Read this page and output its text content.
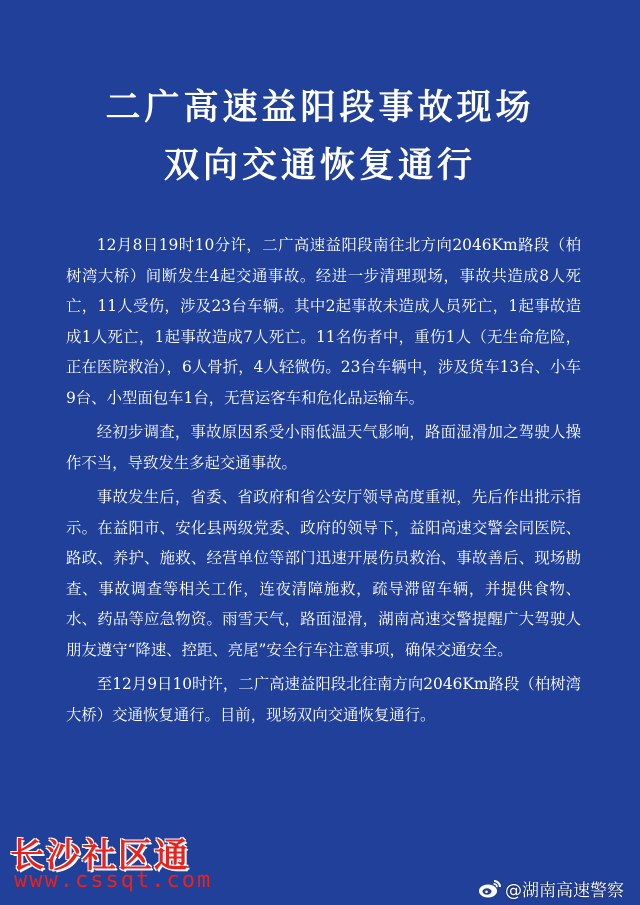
二广高速益阳段事故现场
双向交通恢复通行

12月8日19时10分许，二广高速益阳段南往北方向2046Km路段（柏树湾大桥）间断发生4起交通事故。经进一步清理现场，事故共造成8人死亡，11人受伤，涉及23台车辆。其中2起事故未造成人员死亡，1起事故造成1人死亡，1起事故造成7人死亡。11名伤者中，重伤1人（无生命危险，正在医院救治），6人骨折，4人轻微伤。23台车辆中，涉及货车13台、小车9台、小型面包车1台，无营运客车和危化品运输车。

经初步调查，事故原因系受小雨低温天气影响，路面湿滑加之驾驶人操作不当，导致发生多起交通事故。

事故发生后，省委、省政府和省公安厅领导高度重视，先后作出批示指示。在益阳市、安化县两级党委、政府的领导下，益阳高速交警会同医院、路政、养护、施救、经营单位等部门迅速开展伤员救治、事故善后、现场勘查、事故调查等相关工作，连夜清障施救，疏导滞留车辆，并提供食物、水、药品等应急物资。雨雪天气，路面湿滑，湖南高速交警提醒广大驾驶人朋友遵守“降速、控距、亮尾”安全行车注意事项，确保交通安全。

至12月9日10时许，二广高速益阳段北往南方向2046Km路段（柏树湾大桥）交通恢复通行。目前，现场双向交通恢复通行。

长沙社区通
www.cssqt.com	@湖南高速警察
